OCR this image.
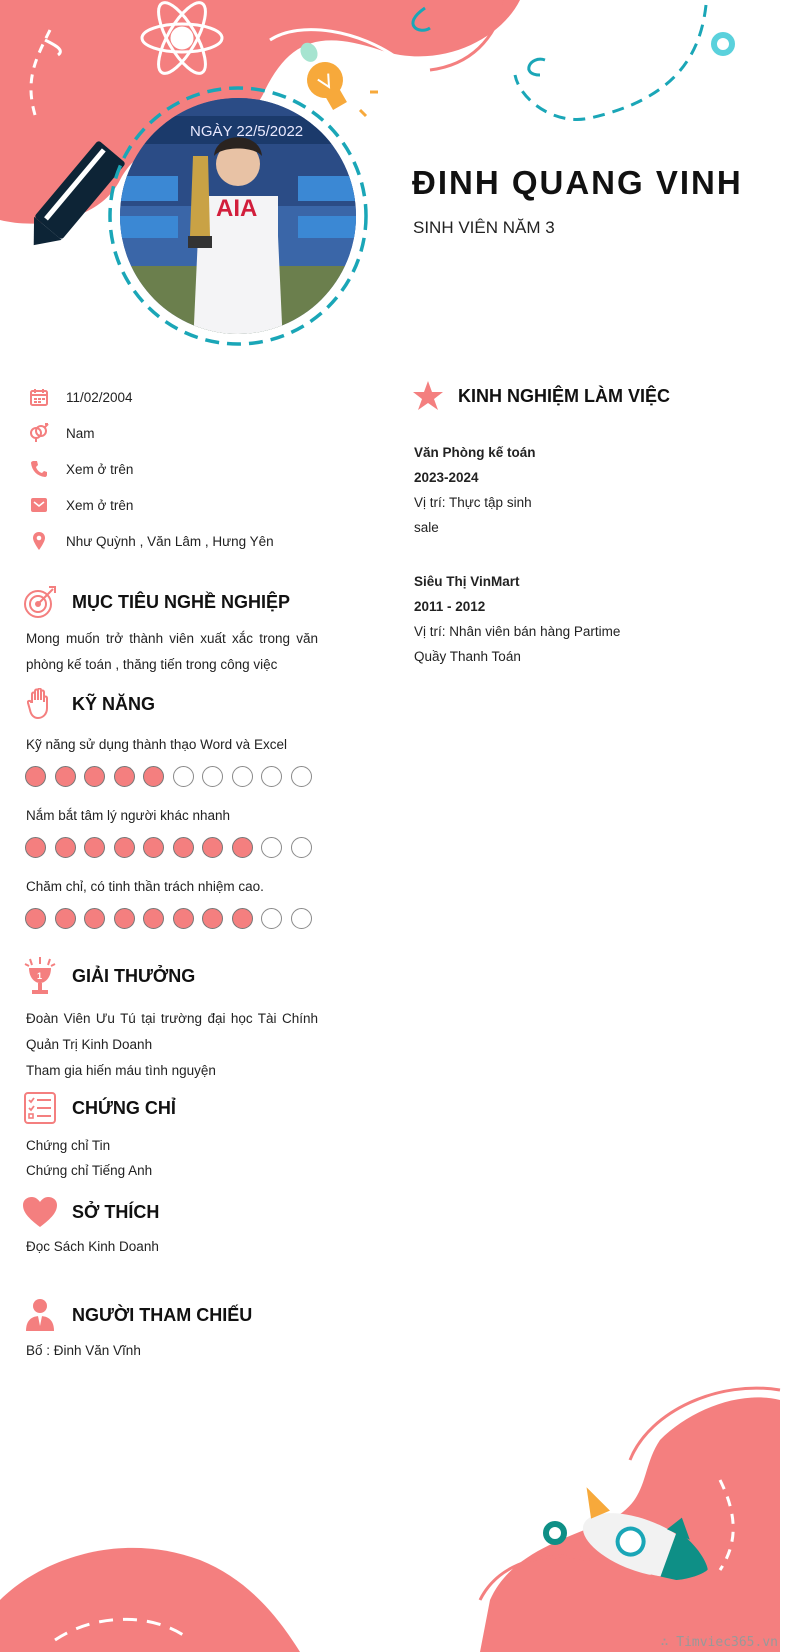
NGÀY 22/5/2022
AIA
ĐINH QUANG VINH
SINH VIÊN NĂM 3
11/02/2004
Nam
Xem ở trên
Xem ở trên
Như Quỳnh , Văn Lâm , Hưng Yên
MỤC TIÊU NGHỀ NGHIỆP
Mong muốn trở thành viên xuất xắc trong văn phòng kế toán , thăng tiến trong công việc
KỸ NĂNG
Kỹ năng sử dụng thành thạo Word và Excel
Nắm bắt tâm lý người khác nhanh
Chăm chỉ, có tinh thần trách nhiệm cao.
1 GIẢI THƯỞNG
Đoàn Viên Ưu Tú tại trường đại học Tài Chính Quản Trị Kinh Doanh
Tham gia hiến máu tình nguyện
CHỨNG CHỈ
Chứng chỉ Tin
Chứng chỉ Tiếng Anh
SỞ THÍCH
Đọc Sách Kinh Doanh
NGƯỜI THAM CHIẾU
Bố : Đinh Văn Vĩnh
KINH NGHIỆM LÀM VIỆC
Văn Phòng kế toán
2023-2024
Vị trí: Thực tập sinh
sale
Siêu Thị VinMart
2011 - 2012
Vị trí: Nhân viên bán hàng Partime
Quầy Thanh Toán
∴ Timviec365.vn
